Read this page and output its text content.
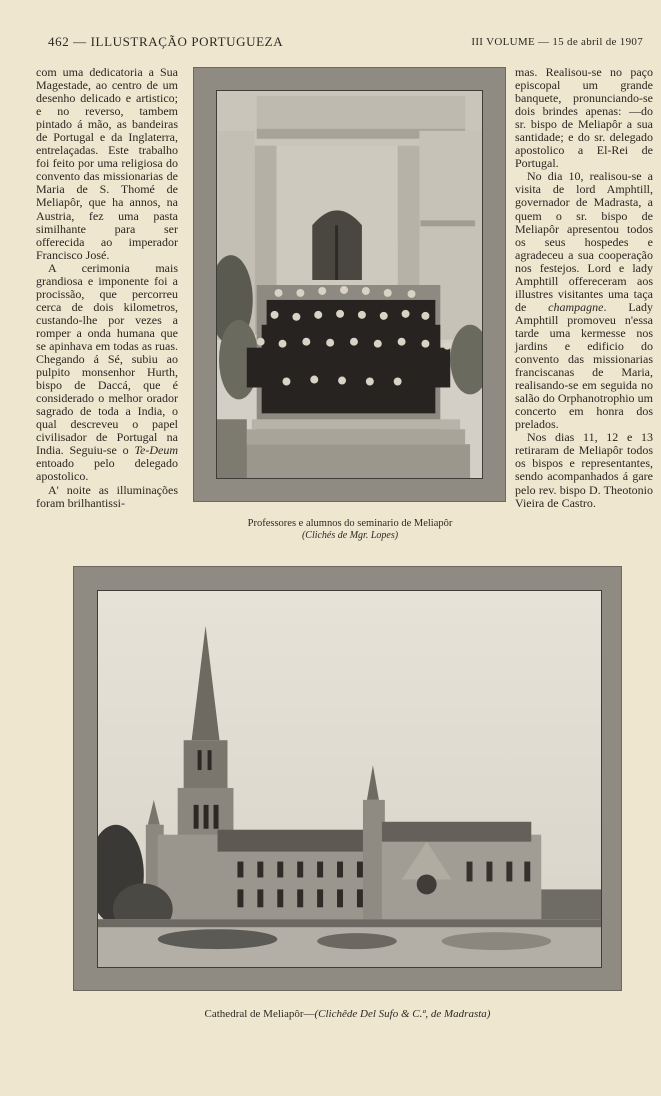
462 — ILLUSTRAÇÃO PORTUGUEZA	III VOLUME — 15 de abril de 1907

com uma dedicatoria a Sua Magestade, ao centro de um desenho delicado e artistico; e no reverso, tambem pintado á mão, as bandeiras de Portugal e da Inglaterra, entrelaçadas. Este trabalho foi feito por uma religiosa do convento das missionarias de Maria de S. Thomé de Meliapôr, que ha annos, na Austria, fez uma pasta similhante para ser offerecida ao imperador Francisco José.

A cerimonia mais grandiosa e imponente foi a procissão, que percorreu cerca de dois kilometros, custando-lhe por vezes a romper a onda humana que se apinhava em todas as ruas. Chegando á Sé, subiu ao pulpito monsenhor Hurth, bispo de Daccá, que é considerado o melhor orador sagrado de toda a India, o qual descreveu o papel civilisador de Portugal na India. Seguiu-se o Te-Deum entoado pelo delegado apostolico.

A' noite as illuminações foram brilhantissi-

mas. Realisou-se no paço episcopal um grande banquete, pronunciando-se dois brindes apenas: —do sr. bispo de Meliapôr a sua santidade; e do sr. delegado apostolico a El-Rei de Portugal.

No dia 10, realisou-se a visita de lord Amphtill, governador de Madrasta, a quem o sr. bispo de Meliapôr apresentou todos os seus hospedes e agradeceu a sua cooperação nos festejos. Lord e lady Amphtill offereceram aos illustres visitantes uma taça de champagne. Lady Amphtill promoveu n'essa tarde uma kermesse nos jardins e edificio do convento das missionarias franciscanas de Maria, realisando-se em seguida no salão do Orphanotrophio um concerto em honra dos prelados.

Nos dias 11, 12 e 13 retiraram de Meliapôr todos os bispos e representantes, sendo acompanhados á gare pelo rev. bispo D. Theotonio Vieira de Castro.

Professores e alumnos do seminario de Meliapôr
(Clichés de Mgr. Lopes)
Cathedral de Meliapôr—(Clichêde Del Sufo & C.ª, de Madrasta)
